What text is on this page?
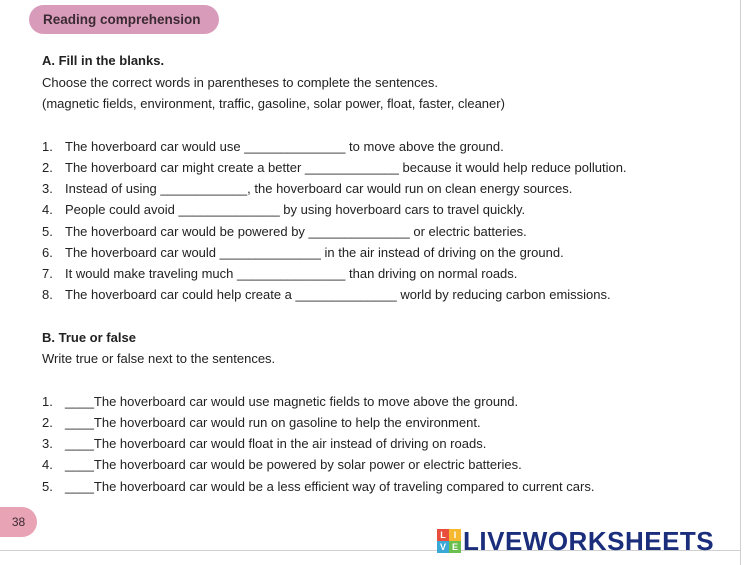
Reading comprehension
A. Fill in the blanks.
Choose the correct words in parentheses to complete the sentences.
(magnetic fields, environment, traffic, gasoline, solar power, float, faster, cleaner)
1. The hoverboard car would use ______________ to move above the ground.
2. The hoverboard car might create a better _____________ because it would help reduce pollution.
3. Instead of using ____________, the hoverboard car would run on clean energy sources.
4. People could avoid ______________ by using hoverboard cars to travel quickly.
5. The hoverboard car would be powered by ______________ or electric batteries.
6. The hoverboard car would ______________ in the air instead of driving on the ground.
7. It would make traveling much _______________ than driving on normal roads.
8. The hoverboard car could help create a ______________ world by reducing carbon emissions.
B. True or false
Write true or false next to the sentences.
1. ____The hoverboard car would use magnetic fields to move above the ground.
2. ____The hoverboard car would run on gasoline to help the environment.
3. ____The hoverboard car would float in the air instead of driving on roads.
4. ____The hoverboard car would be powered by solar power or electric batteries.
5. ____The hoverboard car would be a less efficient way of traveling compared to current cars.
38
L I
V E LIVEWORKSHEETS
